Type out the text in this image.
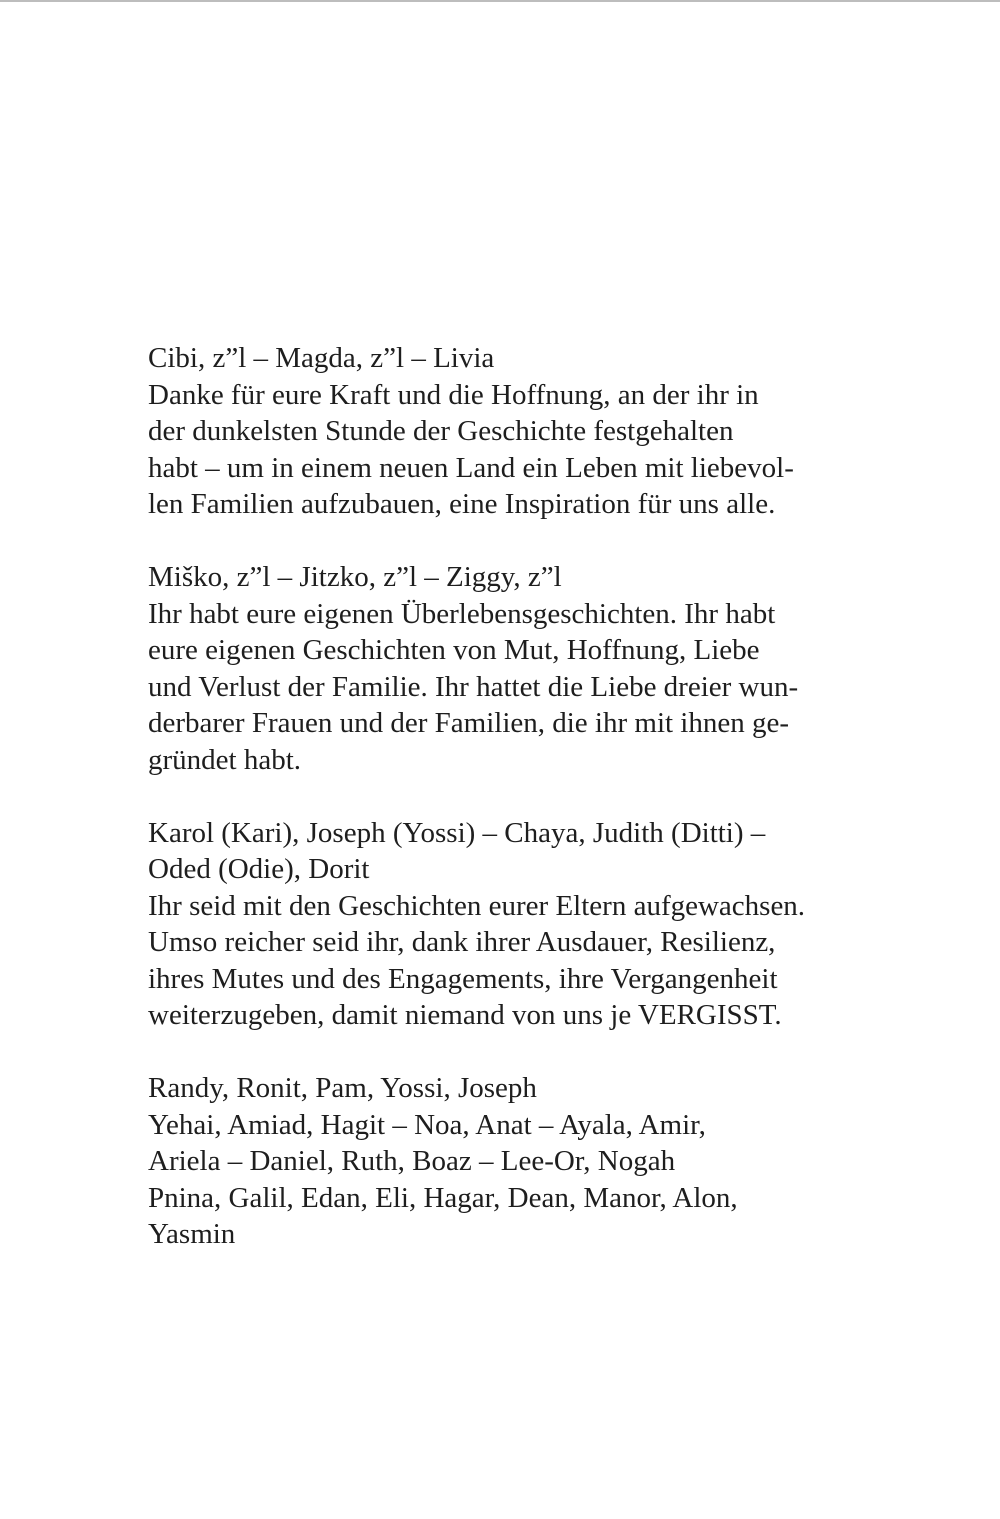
Cibi, z”l – Magda, z”l – Livia
Danke für eure Kraft und die Hoffnung, an der ihr in
der dunkelsten Stunde der Geschichte festgehalten
habt – um in einem neuen Land ein Leben mit liebevol-
len Familien aufzubauen, eine Inspiration für uns alle.
Miško, z”l – Jitzko, z”l – Ziggy, z”l
Ihr habt eure eigenen Überlebensgeschichten. Ihr habt
eure eigenen Geschichten von Mut, Hoffnung, Liebe
und Verlust der Familie. Ihr hattet die Liebe dreier wun-
derbarer Frauen und der Familien, die ihr mit ihnen ge-
gründet habt.
Karol (Kari), Joseph (Yossi) – Chaya, Judith (Ditti) –
Oded (Odie), Dorit
Ihr seid mit den Geschichten eurer Eltern aufgewachsen.
Umso reicher seid ihr, dank ihrer Ausdauer, Resilienz,
ihres Mutes und des Engagements, ihre Vergangenheit
weiterzugeben, damit niemand von uns je VERGISST.
Randy, Ronit, Pam, Yossi, Joseph
Yehai, Amiad, Hagit – Noa, Anat – Ayala, Amir,
Ariela – Daniel, Ruth, Boaz – Lee-Or, Nogah
Pnina, Galil, Edan, Eli, Hagar, Dean, Manor, Alon,
Yasmin
